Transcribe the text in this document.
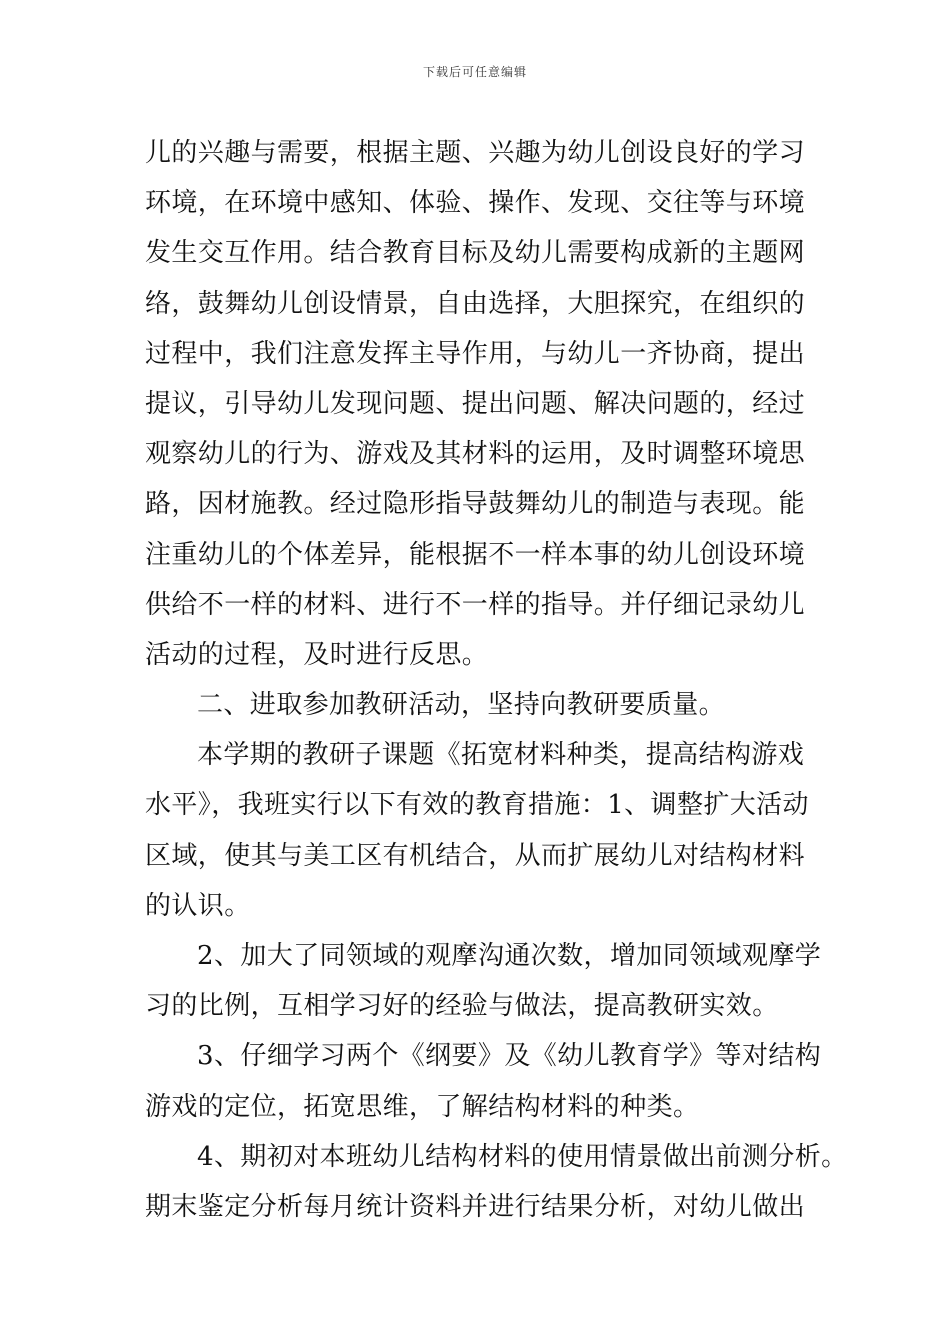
下载后可任意编辑
儿的兴趣与需要，根据主题、兴趣为幼儿创设良好的学习
环境，在环境中感知、体验、操作、发现、交往等与环境
发生交互作用。结合教育目标及幼儿需要构成新的主题网
络，鼓舞幼儿创设情景，自由选择，大胆探究，在组织的
过程中，我们注意发挥主导作用，与幼儿一齐协商，提出
提议，引导幼儿发现问题、提出问题、解决问题的，经过
观察幼儿的行为、游戏及其材料的运用，及时调整环境思
路，因材施教。经过隐形指导鼓舞幼儿的制造与表现。能
注重幼儿的个体差异，能根据不一样本事的幼儿创设环境
供给不一样的材料、进行不一样的指导。并仔细记录幼儿
活动的过程，及时进行反思。
二、进取参加教研活动，坚持向教研要质量。
本学期的教研子课题《拓宽材料种类，提高结构游戏
水平》，我班实行以下有效的教育措施：1、调整扩大活动
区域，使其与美工区有机结合，从而扩展幼儿对结构材料
的认识。
2、加大了同领域的观摩沟通次数，增加同领域观摩学
习的比例，互相学习好的经验与做法，提高教研实效。
3、仔细学习两个《纲要》及《幼儿教育学》等对结构
游戏的定位，拓宽思维，了解结构材料的种类。
4、期初对本班幼儿结构材料的使用情景做出前测分析。
期末鉴定分析每月统计资料并进行结果分析，对幼儿做出
